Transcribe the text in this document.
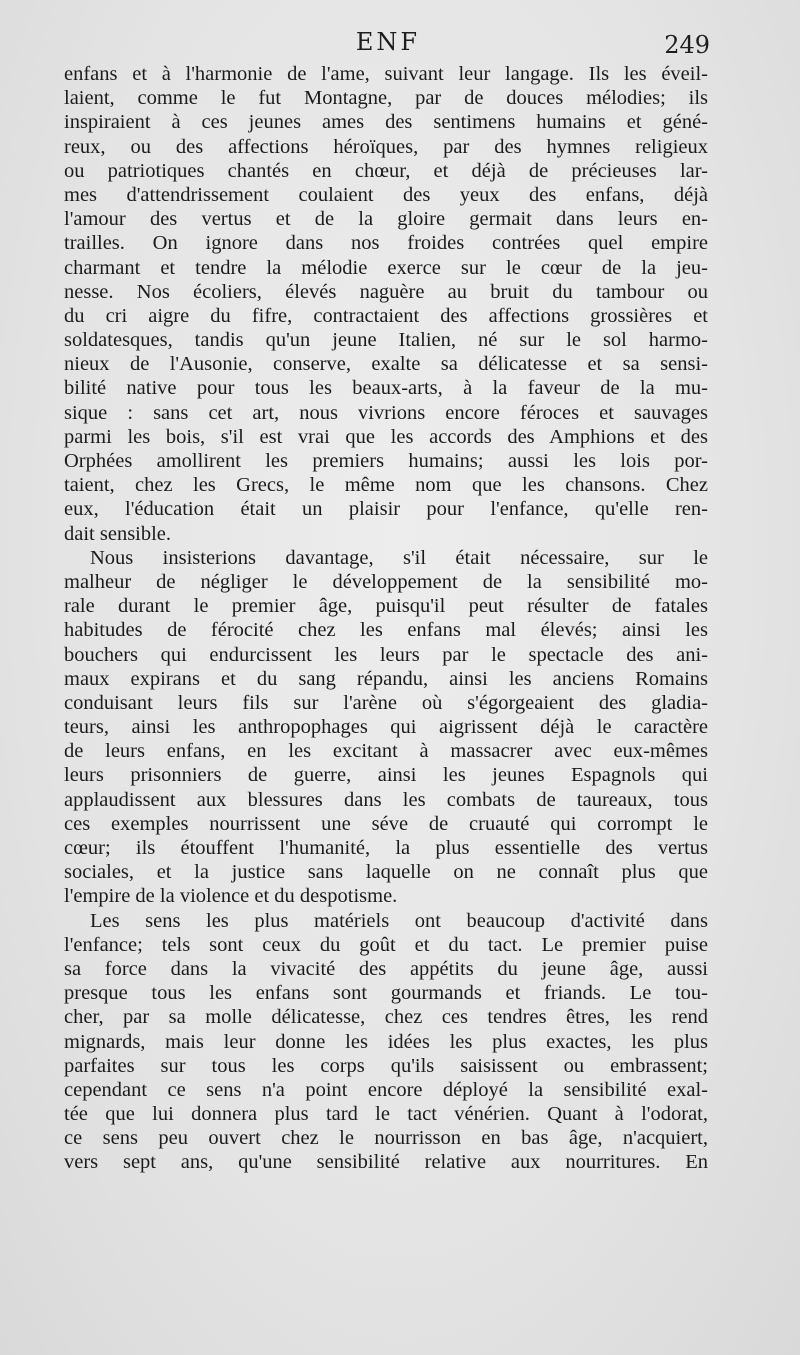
ENF	249
enfans et à l'harmonie de l'ame, suivant leur langage. Ils les éveil-
laient, comme le fut Montagne, par de douces mélodies; ils
inspiraient à ces jeunes ames des sentimens humains et géné-
reux, ou des affections héroïques, par des hymnes religieux
ou patriotiques chantés en chœur, et déjà de précieuses lar-
mes d'attendrissement coulaient des yeux des enfans, déjà
l'amour des vertus et de la gloire germait dans leurs en-
trailles. On ignore dans nos froides contrées quel empire
charmant et tendre la mélodie exerce sur le cœur de la jeu-
nesse. Nos écoliers, élevés naguère au bruit du tambour ou
du cri aigre du fifre, contractaient des affections grossières et
soldatesques, tandis qu'un jeune Italien, né sur le sol harmo-
nieux de l'Ausonie, conserve, exalte sa délicatesse et sa sensi-
bilité native pour tous les beaux-arts, à la faveur de la mu-
sique : sans cet art, nous vivrions encore féroces et sauvages
parmi les bois, s'il est vrai que les accords des Amphions et des
Orphées amollirent les premiers humains; aussi les lois por-
taient, chez les Grecs, le même nom que les chansons. Chez
eux, l'éducation était un plaisir pour l'enfance, qu'elle ren-
dait sensible.
Nous insisterions davantage, s'il était nécessaire, sur le
malheur de négliger le développement de la sensibilité mo-
rale durant le premier âge, puisqu'il peut résulter de fatales
habitudes de férocité chez les enfans mal élevés; ainsi les
bouchers qui endurcissent les leurs par le spectacle des ani-
maux expirans et du sang répandu, ainsi les anciens Romains
conduisant leurs fils sur l'arène où s'égorgeaient des gladia-
teurs, ainsi les anthropophages qui aigrissent déjà le caractère
de leurs enfans, en les excitant à massacrer avec eux-mêmes
leurs prisonniers de guerre, ainsi les jeunes Espagnols qui
applaudissent aux blessures dans les combats de taureaux, tous
ces exemples nourrissent une séve de cruauté qui corrompt le
cœur; ils étouffent l'humanité, la plus essentielle des vertus
sociales, et la justice sans laquelle on ne connaît plus que
l'empire de la violence et du despotisme.
Les sens les plus matériels ont beaucoup d'activité dans
l'enfance; tels sont ceux du goût et du tact. Le premier puise
sa force dans la vivacité des appétits du jeune âge, aussi
presque tous les enfans sont gourmands et friands. Le tou-
cher, par sa molle délicatesse, chez ces tendres êtres, les rend
mignards, mais leur donne les idées les plus exactes, les plus
parfaites sur tous les corps qu'ils saisissent ou embrassent;
cependant ce sens n'a point encore déployé la sensibilité exal-
tée que lui donnera plus tard le tact vénérien. Quant à l'odorat,
ce sens peu ouvert chez le nourrisson en bas âge, n'acquiert,
vers sept ans, qu'une sensibilité relative aux nourritures. En
